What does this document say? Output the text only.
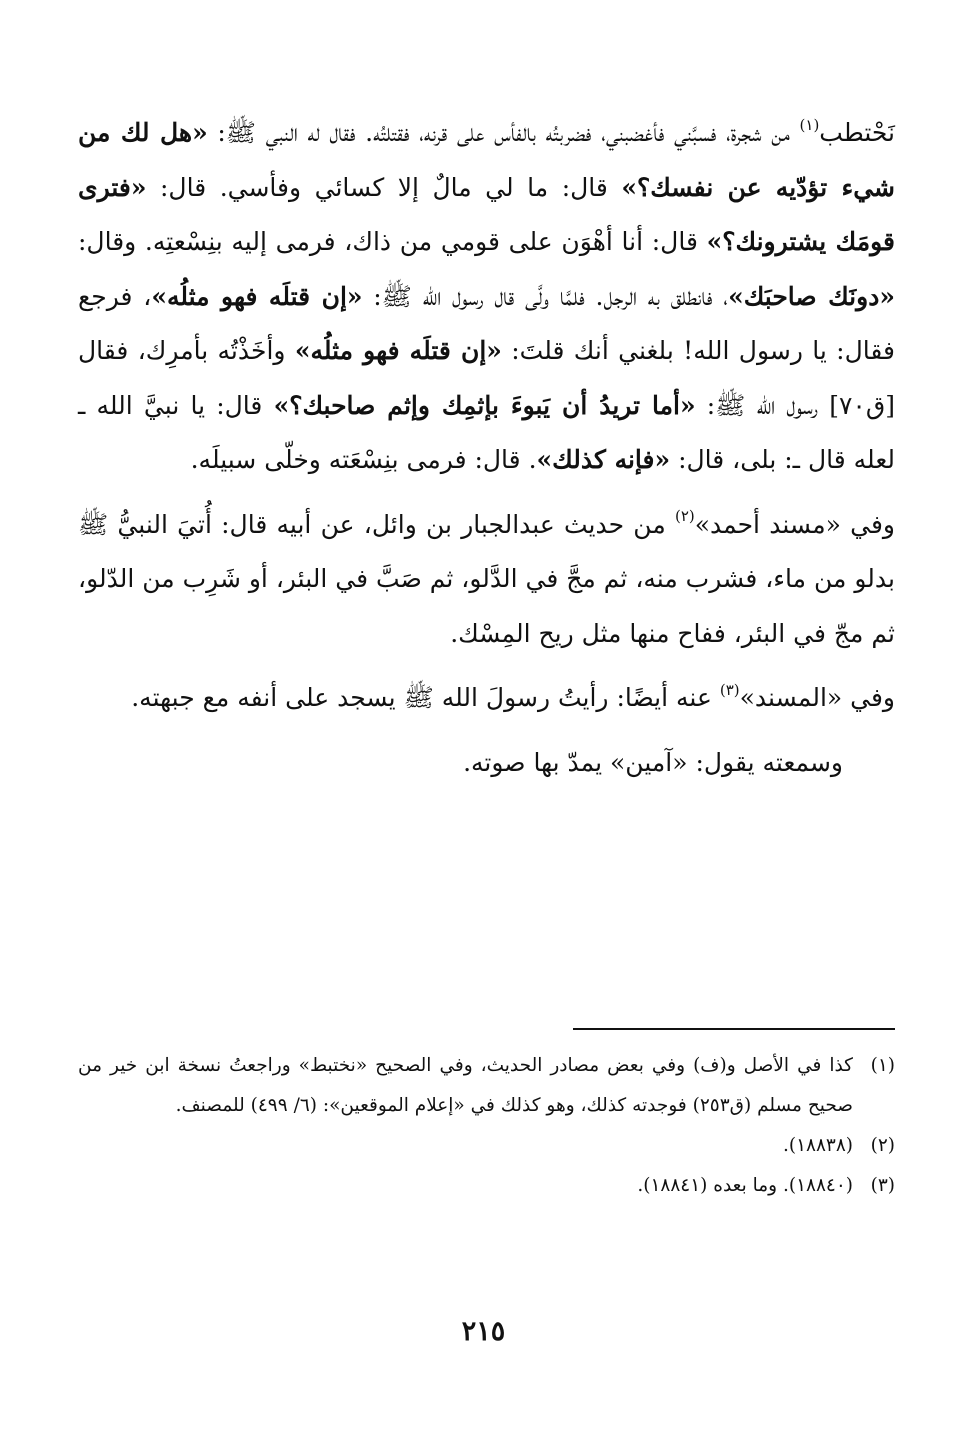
نَحْتطب$^{(١)}$ من شجرة، فسبَّني فأغضبني، فضربتُه بالفأس على قرنه، فقتلتُه. فقال له النبي ﷺ: «هل لك من شيء تؤدّيه عن نفسك؟» قال: ما لي مالٌ إلا كسائي وفأسي. قال: «فترى قومَك يشترونك؟» قال: أنا أهْوَن على قومي من ذاك، فرمى إليه بنِسْعتِه. وقال: «دونَك صاحبَك»، فانطلق به الرجل. فلمَّا ولَّى قال رسول الله ﷺ: «إن قتلَه فهو مثلُه»، فرجع فقال: يا رسول الله! بلغني أنك قلتَ: «إن قتلَه فهو مثلُه» وأخَذْتُه بأمرِك، فقال [ق٧٠] رسول الله ﷺ: «أما تريدُ أن يَبوءَ بإثمِك وإثم صاحبك؟» قال: يا نبيَّ الله ـ لعله قال ـ: بلى، قال: «فإنه كذلك». قال: فرمى بنِسْعَته وخلّى سبيلَه.

وفي «مسند أحمد»$^{(٢)}$ من حديث عبدالجبار بن وائل، عن أبيه قال: أُتيَ النبيُّ ﷺ بدلو من ماء، فشرب منه، ثم مجَّ في الدَّلو، ثم صَبَّ في البئر، أو شَرِب من الدّلو، ثم مجّ في البئر، ففاح منها مثل ريح المِسْك.

وفي «المسند»$^{(٣)}$ عنه أيضًا: رأيتُ رسولَ الله ﷺ يسجد على أنفه مع جبهته.

وسمعته يقول: «آمين» يمدّ بها صوته.

(١)
كذا في الأصل و(ف) وفي بعض مصادر الحديث، وفي الصحيح «نختبط» وراجعتُ نسخة ابن خير من صحيح مسلم (ق٢٥٣) فوجدته كذلك، وهو كذلك في «إعلام الموقعين»: (٦/ ٤٩٩) للمصنف.
(٢)
(١٨٨٣٨).
(٣)
(١٨٨٤٠). وما بعده (١٨٨٤١).
٢١٥
